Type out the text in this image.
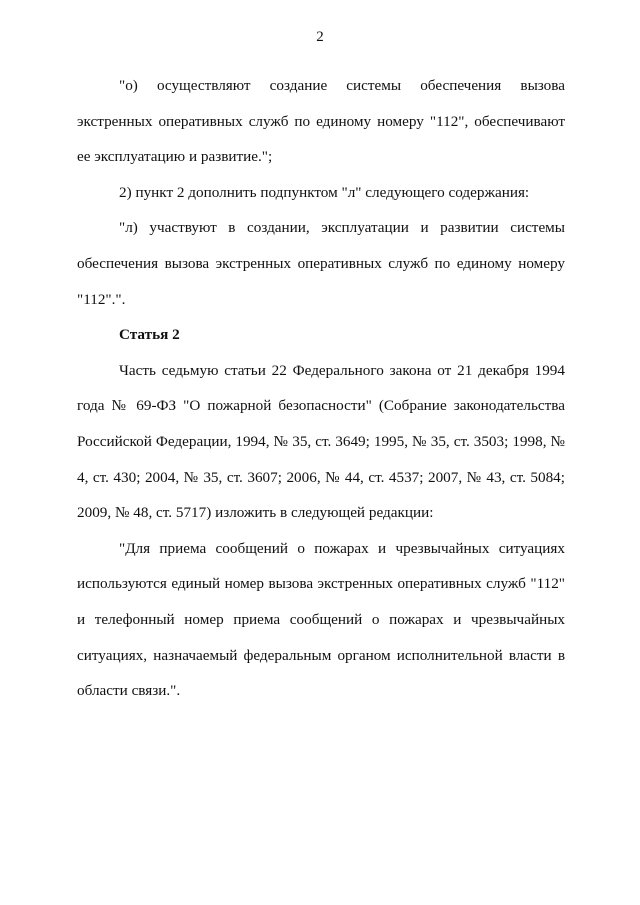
2

"о) осуществляют создание системы обеспечения вызова экстренных оперативных служб по единому номеру "112", обеспечивают ее эксплуатацию и развитие.";

2) пункт 2 дополнить подпунктом "л" следующего содержания:

"л) участвуют в создании, эксплуатации и развитии системы обеспечения вызова экстренных оперативных служб по единому номеру "112".".

Статья 2

Часть седьмую статьи 22 Федерального закона от 21 декабря 1994 года № 69-ФЗ "О пожарной безопасности" (Собрание законодательства Российской Федерации, 1994, № 35, ст. 3649; 1995, № 35, ст. 3503; 1998, № 4, ст. 430; 2004, № 35, ст. 3607; 2006, № 44, ст. 4537; 2007, № 43, ст. 5084; 2009, № 48, ст. 5717) изложить в следующей редакции:

"Для приема сообщений о пожарах и чрезвычайных ситуациях используются единый номер вызова экстренных оперативных служб "112" и телефонный номер приема сообщений о пожарах и чрезвычайных ситуациях, назначаемый федеральным органом исполнительной власти в области связи.".
